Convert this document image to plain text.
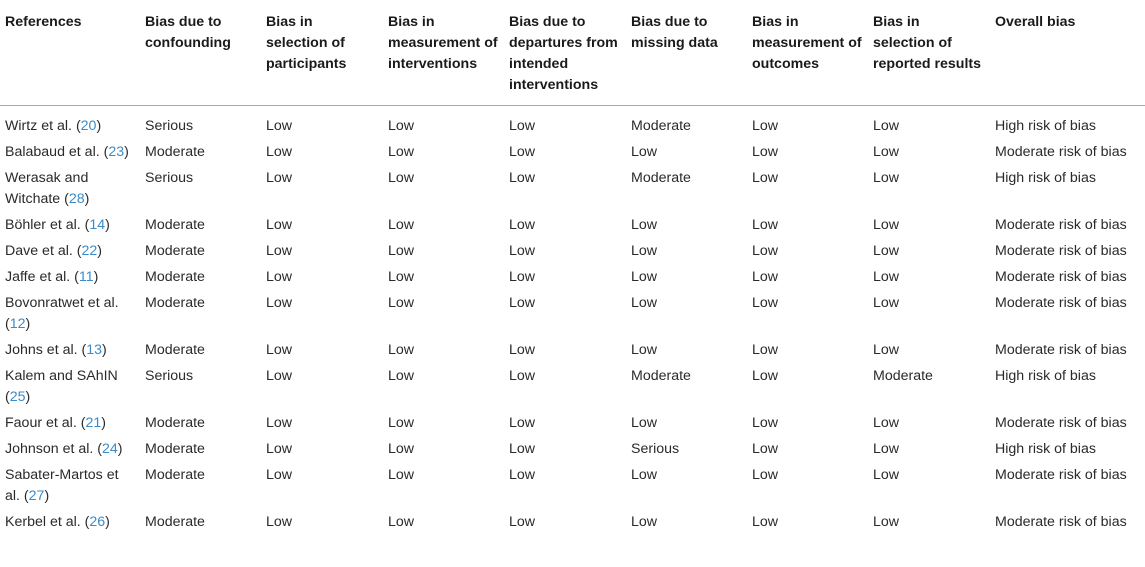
References	Bias due to confounding	Bias in selection of participants	Bias in measurement of interventions	Bias due to departures from intended interventions	Bias due to missing data	Bias in measurement of outcomes	Bias in selection of reported results	Overall bias
Wirtz et al. (20)	Serious	Low	Low	Low	Moderate	Low	Low	High risk of bias
Balabaud et al. (23)	Moderate	Low	Low	Low	Low	Low	Low	Moderate risk of bias
Werasak and Witchate (28)	Serious	Low	Low	Low	Moderate	Low	Low	High risk of bias
Böhler et al. (14)	Moderate	Low	Low	Low	Low	Low	Low	Moderate risk of bias
Dave et al. (22)	Moderate	Low	Low	Low	Low	Low	Low	Moderate risk of bias
Jaffe et al. (11)	Moderate	Low	Low	Low	Low	Low	Low	Moderate risk of bias
Bovonratwet et al. (12)	Moderate	Low	Low	Low	Low	Low	Low	Moderate risk of bias
Johns et al. (13)	Moderate	Low	Low	Low	Low	Low	Low	Moderate risk of bias
Kalem and SAhIN (25)	Serious	Low	Low	Low	Moderate	Low	Moderate	High risk of bias
Faour et al. (21)	Moderate	Low	Low	Low	Low	Low	Low	Moderate risk of bias
Johnson et al. (24)	Moderate	Low	Low	Low	Serious	Low	Low	High risk of bias
Sabater-Martos et al. (27)	Moderate	Low	Low	Low	Low	Low	Low	Moderate risk of bias
Kerbel et al. (26)	Moderate	Low	Low	Low	Low	Low	Low	Moderate risk of bias
